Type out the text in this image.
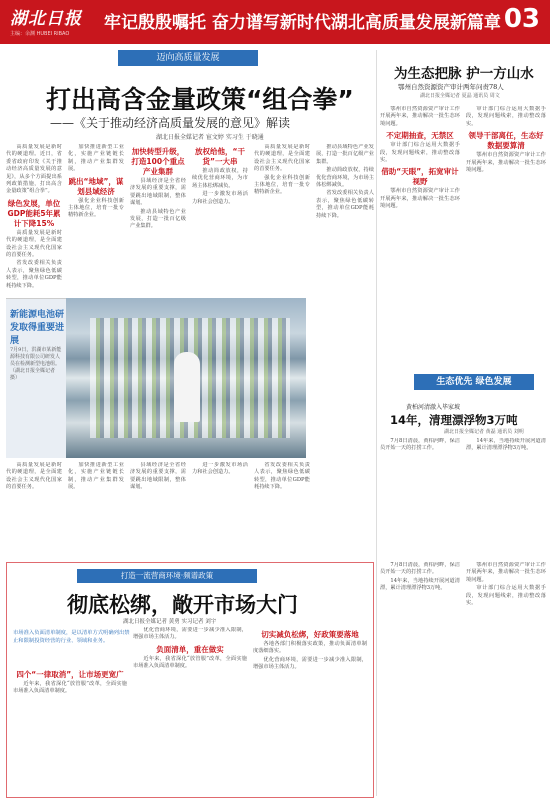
湖北日报
主编：余渊 HUBEI RIBAO
牢记殷殷嘱托 奋力谱写新时代湖北高质量发展新篇章 03
迈向高质量发展
打出高含金量政策“组合拳”
——《关于推动经济高质量发展的意见》解读
湖北日报全媒记者 宦文婷 实习生 于晓通

高质量发展是新时代的硬道理。近日，省委省政府印发《关于推动经济高质量发展的意见》，从多个方面提出系列政策措施，打出高含金量政策“组合拳”。

绿色发展，单位GDP能耗5年累计下降15%

高质量发展是新时代的硬道理，是全面建设社会主义现代化国家的首要任务。

省发改委相关负责人表示，聚焦绿色低碳转型，推动单位GDP能耗持续下降。

加快推进新型工业化，实施产业链链长制，推动产业集群发展。

跳出“地域”，谋划县域经济

强化企业科技创新主体地位，培育一批专精特新企业。

加快转型升级，打造100个重点产业集群

县域经济是全省经济发展的重要支撑，需要跳出地域限制，整体谋划。

推动县域特色产业发展，打造一批百亿级产业集群。

放权给他，“干货”一大串

推动简政放权，持续优化营商环境，为市场主体松绑减负。

进一步激发市场活力和社会创造力。

高质量发展是新时代的硬道理，是全面建设社会主义现代化国家的首要任务。

强化企业科技创新主体地位，培育一批专精特新企业。

推动县域特色产业发展，打造一批百亿级产业集群。

推动简政放权，持续优化营商环境，为市场主体松绑减负。

省发改委相关负责人表示，聚焦绿色低碳转型，推动单位GDP能耗持续下降。

新能源电池研发取得重要进展
7月9日，洪湖市某新能源科技有限公司研发人员在检测新型电池组。（湖北日报全媒记者 摄）

高质量发展是新时代的硬道理，是全面建设社会主义现代化国家的首要任务。

加快推进新型工业化，实施产业链链长制，推动产业集群发展。

县域经济是全省经济发展的重要支撑，需要跳出地域限制，整体谋划。

进一步激发市场活力和社会创造力。

省发改委相关负责人表示，聚焦绿色低碳转型，推动单位GDP能耗持续下降。

为生态把脉 护一方山水
鄂州自然资源资产审计两年问责78人
湖北日报全媒记者 夏晶 通讯员 周文

鄂州市自然资源资产审计工作开展两年来，推动解决一批生态环境问题。

不定期抽查，无禁区

审计部门综合运用大数据手段，发现问题线索，推动整改落实。

借助“天眼”，拓宽审计视野

鄂州市自然资源资产审计工作开展两年来，推动解决一批生态环境问题。

审计部门综合运用大数据手段，发现问题线索，推动整改落实。

领导干部离任，生态好数据要算清

鄂州市自然资源资产审计工作开展两年来，推动解决一批生态环境问题。

生态优先 绿色发展
黄柏河清澈入毕家坡
14年，清理漂浮物3万吨
湖北日报全媒记者 黄磊 通讯员 刘明

7月8日清晨，黄柏河畔，保洁员开始一天的打捞工作。

14年来，当地持续开展河道清漂，累计清理漂浮物3万吨。

打造一流营商环境·频谱政策
彻底松绑，敞开市场大门
湖北日报全媒记者 黄勇 实习记者 刘宇
市场准入负面清单制度，是以清单方式明确列出禁止和限制投资经营的行业、领域和业务。

四个“一律取消”，让市场更宽广

近年来，我省深化“放管服”改革，全面实施市场准入负面清单制度。

优化营商环境，需要进一步减少准入限制，增强市场主体活力。

负面清单，重在做实

近年来，我省深化“放管服”改革，全面实施市场准入负面清单制度。

切实减负松绑，好政策要落地

各地各部门积极落实政策，推动负面清单制度落细落实。

优化营商环境，需要进一步减少准入限制，增强市场主体活力。

7月8日清晨，黄柏河畔，保洁员开始一天的打捞工作。

14年来，当地持续开展河道清漂，累计清理漂浮物3万吨。

鄂州市自然资源资产审计工作开展两年来，推动解决一批生态环境问题。

审计部门综合运用大数据手段，发现问题线索，推动整改落实。
